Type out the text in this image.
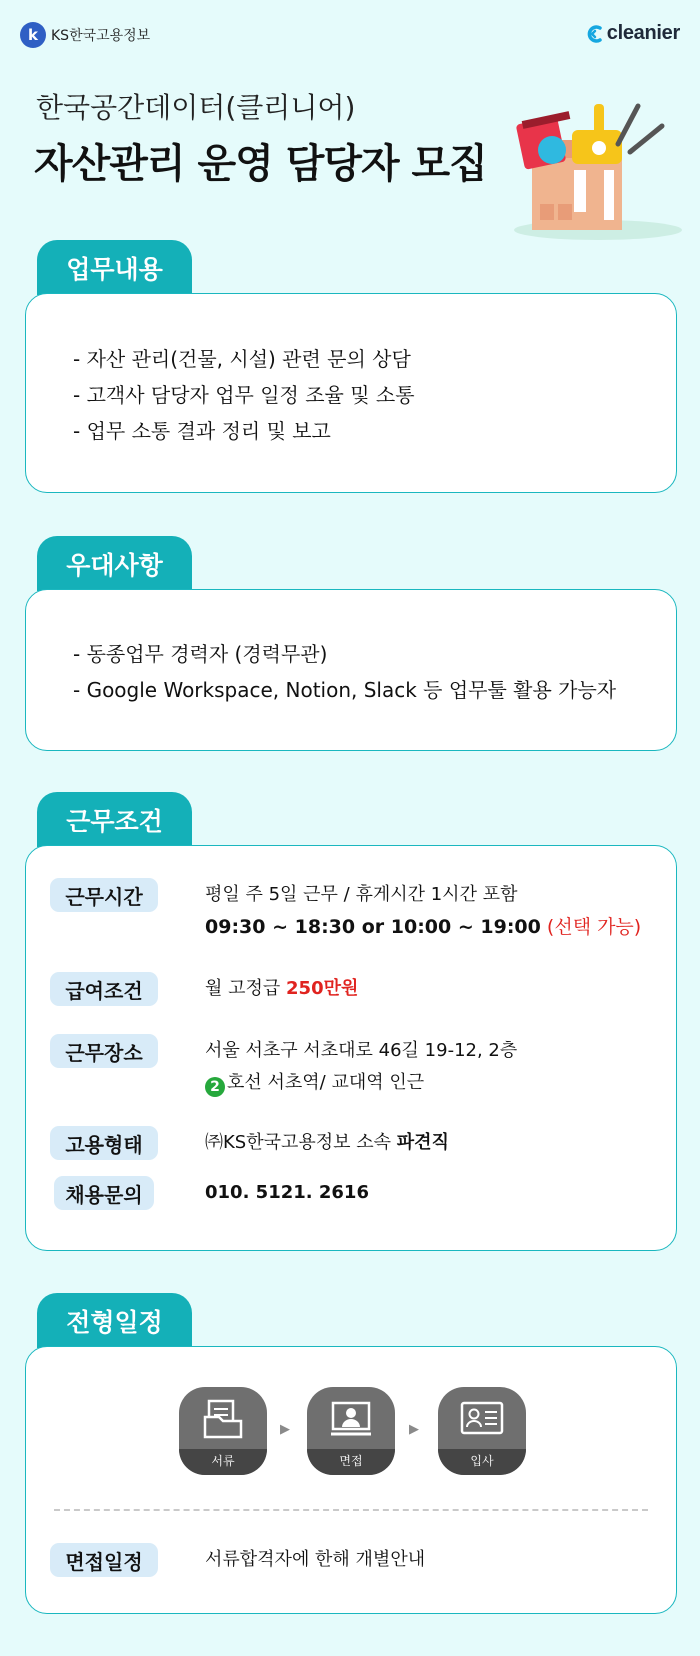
k KS한국고용정보	cleanier
한국공간데이터(클리니어)
자산관리 운영 담당자 모집
업무내용
- 자산 관리(건물, 시설) 관련 문의 상담
- 고객사 담당자 업무 일정 조율 및 소통
- 업무 소통 결과 정리 및 보고
우대사항
- 동종업무 경력자 (경력무관)
- Google Workspace, Notion, Slack 등 업무툴 활용 가능자
근무조건
근무시간	평일 주 5일 근무 / 휴게시간 1시간 포함
09:30 ~ 18:30 or 10:00 ~ 19:00 (선택 가능)
급여조건	월 고정급 250만원
근무장소	서울 서초구 서초대로 46길 19-12, 2층
2 호선 서초역/ 교대역 인근
고용형태	㈜KS한국고용정보 소속 파견직
채용문의	010. 5121. 2616
전형일정
서류
▶
면접
▶
입사
면접일정	서류합격자에 한해 개별안내
